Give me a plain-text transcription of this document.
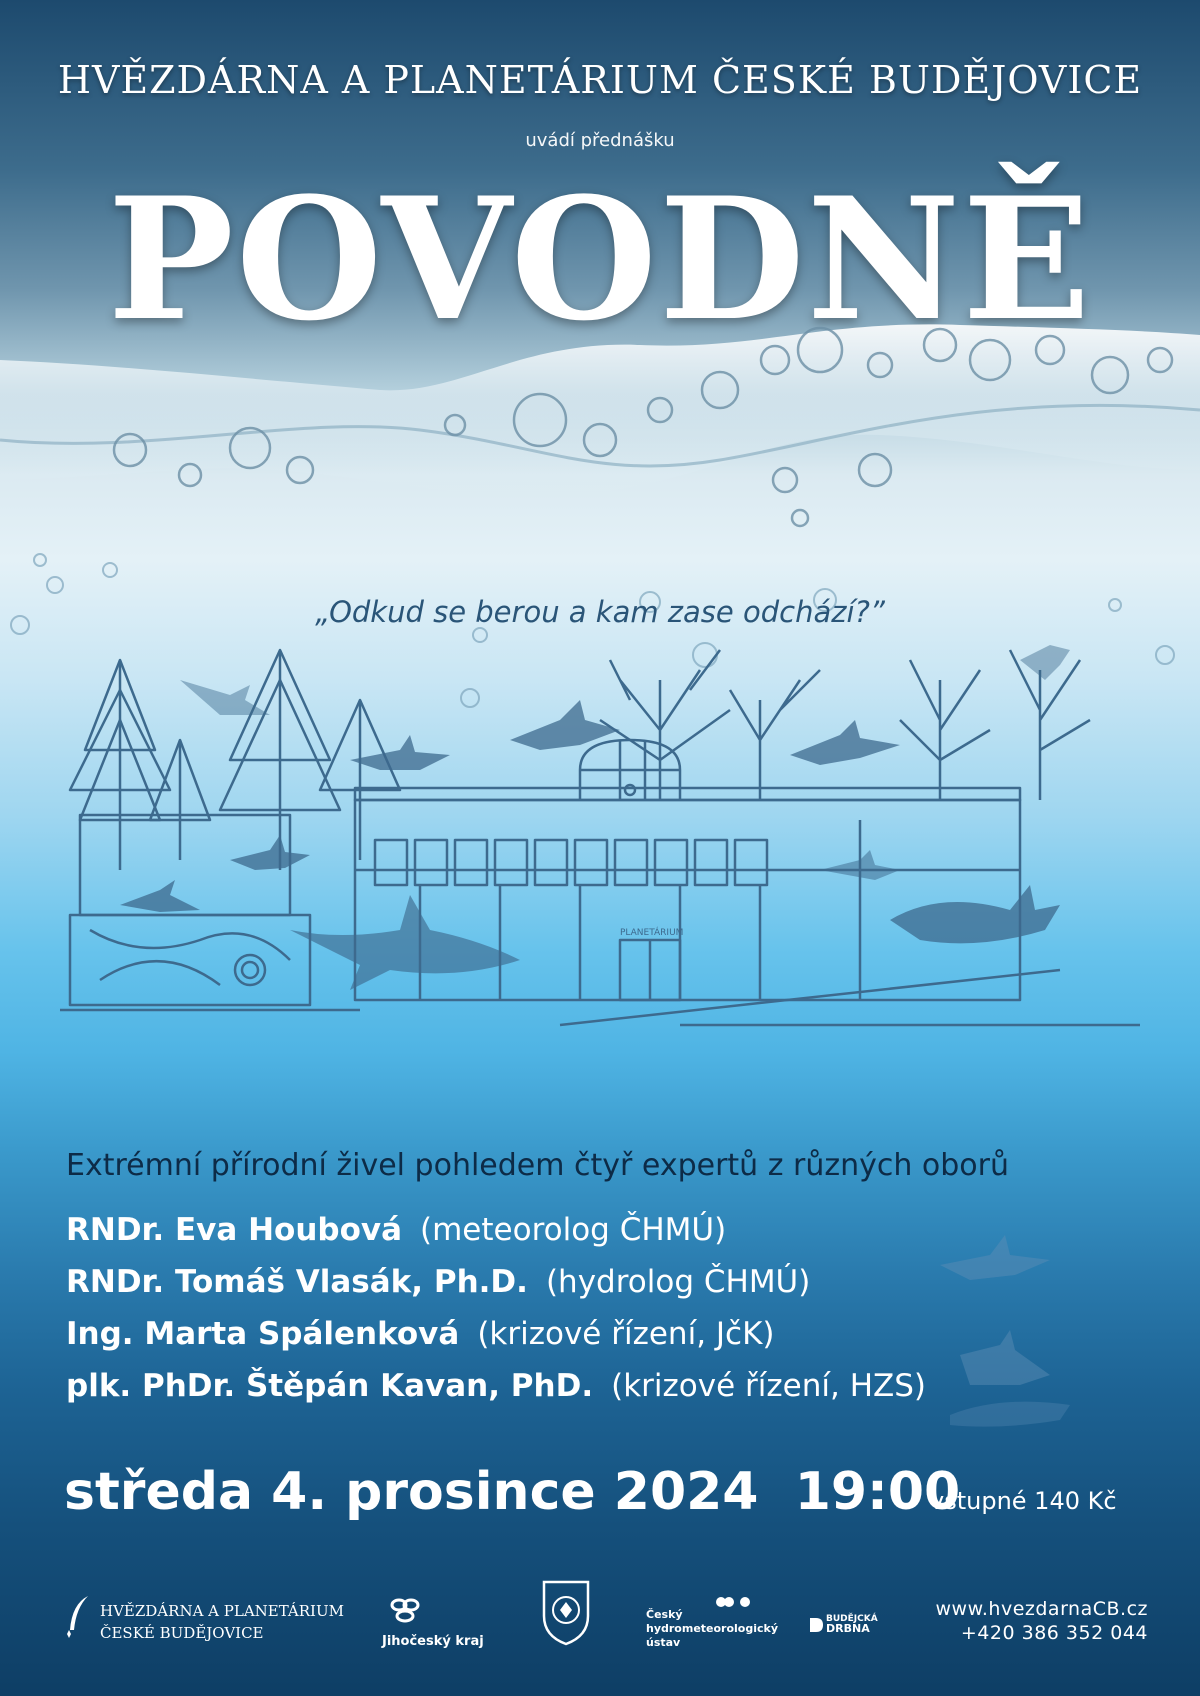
HVĚZDÁRNA A PLANETÁRIUM ČESKÉ BUDĚJOVICE
uvádí přednášku
POVODNĚ
„Odkud se berou a kam zase odchází?”
PLANETÁRIUM
Extrémní přírodní živel pohledem čtyř expertů z různých oborů
RNDr. Eva Houbová (meteorolog ČHMÚ)
RNDr. Tomáš Vlasák, Ph.D. (hydrolog ČHMÚ)
Ing. Marta Spálenková (krizové řízení, JčK)
plk. PhDr. Štěpán Kavan, PhD. (krizové řízení, HZS)
středa 4. prosince 2024  19:00
vstupné 140 Kč
HVĚZDÁRNA A PLANETÁRIUM
ČESKÉ BUDĚJOVICE	Jihočeský kraj
Český
hydrometeorologický
ústav
BUDĚJCKÁ
DRBNA
www.hvezdarnaCB.cz
+420 386 352 044
